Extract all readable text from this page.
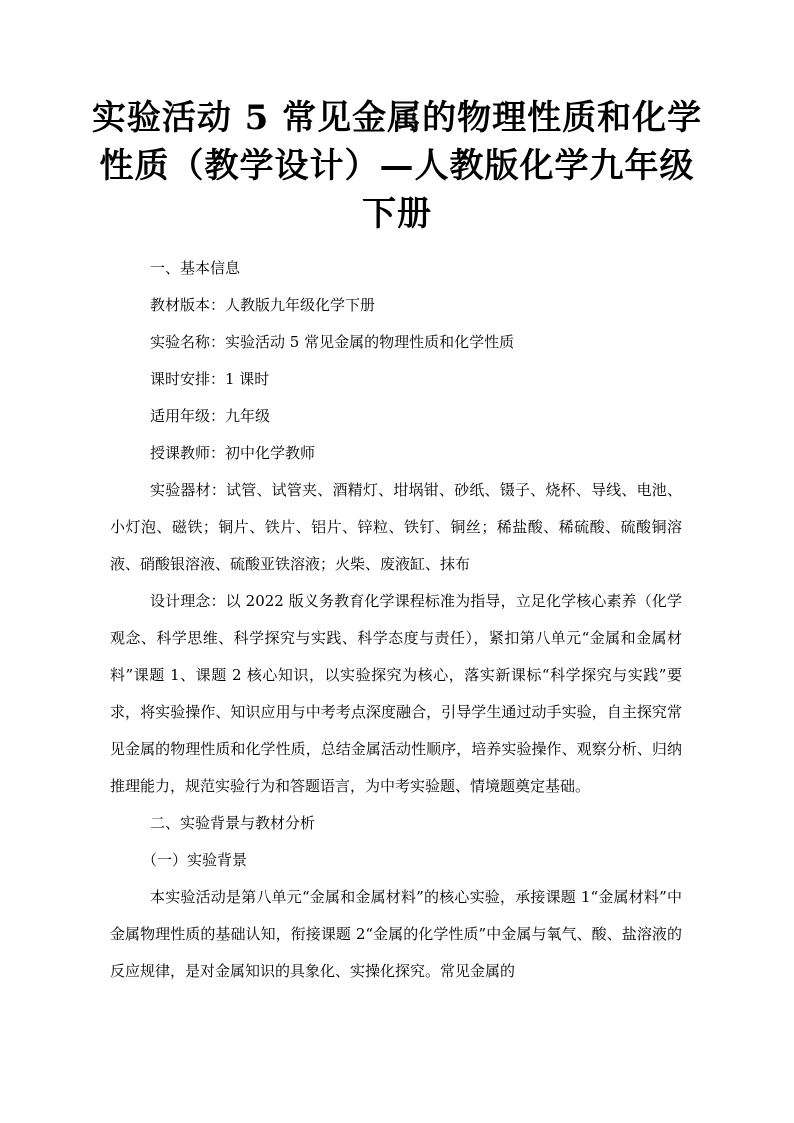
实验活动 5 常见金属的物理性质和化学性质（教学设计）—人教版化学九年级下册

一、基本信息

教材版本：人教版九年级化学下册

实验名称：实验活动 5 常见金属的物理性质和化学性质

课时安排：1 课时

适用年级：九年级

授课教师：初中化学教师

实验器材：试管、试管夹、酒精灯、坩埚钳、砂纸、镊子、烧杯、导线、电池、小灯泡、磁铁；铜片、铁片、铝片、锌粒、铁钉、铜丝；稀盐酸、稀硫酸、硫酸铜溶液、硝酸银溶液、硫酸亚铁溶液；火柴、废液缸、抹布

设计理念：以 2022 版义务教育化学课程标准为指导，立足化学核心素养（化学观念、科学思维、科学探究与实践、科学态度与责任），紧扣第八单元“金属和金属材料”课题 1、课题 2 核心知识，以实验探究为核心，落实新课标“科学探究与实践”要求，将实验操作、知识应用与中考考点深度融合，引导学生通过动手实验，自主探究常见金属的物理性质和化学性质，总结金属活动性顺序，培养实验操作、观察分析、归纳推理能力，规范实验行为和答题语言，为中考实验题、情境题奠定基础。

二、实验背景与教材分析

（一）实验背景

本实验活动是第八单元“金属和金属材料”的核心实验，承接课题 1“金属材料”中金属物理性质的基础认知，衔接课题 2“金属的化学性质”中金属与氧气、酸、盐溶液的反应规律，是对金属知识的具象化、实操化探究。常见金属的
